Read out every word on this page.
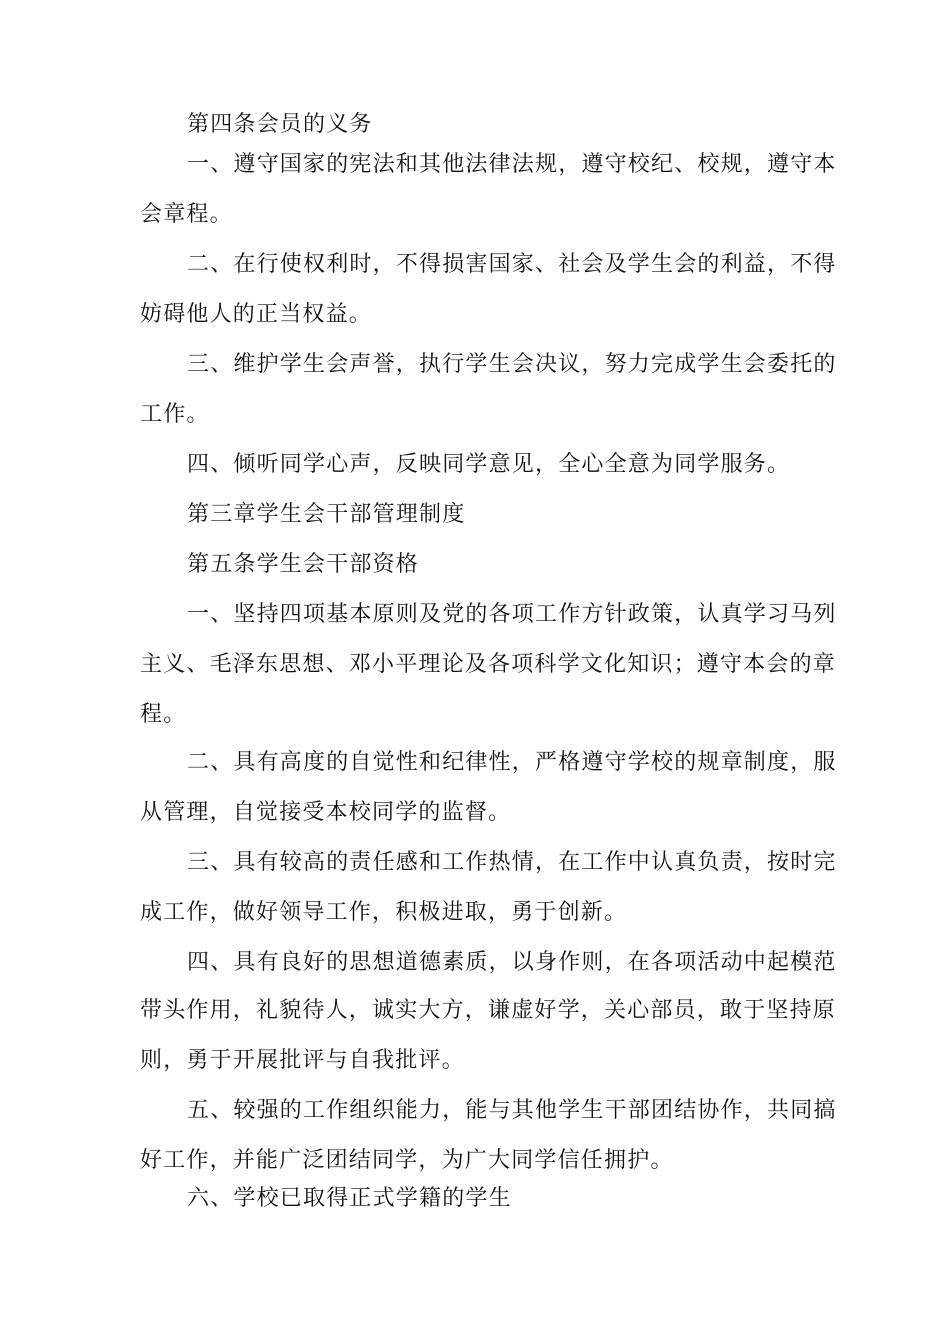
第四条会员的义务
一、遵守国家的宪法和其他法律法规，遵守校纪、校规，遵守本
会章程。
二、在行使权利时，不得损害国家、社会及学生会的利益，不得
妨碍他人的正当权益。
三、维护学生会声誉，执行学生会决议，努力完成学生会委托的
工作。
四、倾听同学心声，反映同学意见，全心全意为同学服务。
第三章学生会干部管理制度
第五条学生会干部资格
一、坚持四项基本原则及党的各项工作方针政策，认真学习马列
主义、毛泽东思想、邓小平理论及各项科学文化知识；遵守本会的章
程。
二、具有高度的自觉性和纪律性，严格遵守学校的规章制度，服
从管理，自觉接受本校同学的监督。
三、具有较高的责任感和工作热情，在工作中认真负责，按时完
成工作，做好领导工作，积极进取，勇于创新。
四、具有良好的思想道德素质，以身作则，在各项活动中起模范
带头作用，礼貌待人，诚实大方，谦虚好学，关心部员，敢于坚持原
则，勇于开展批评与自我批评。
五、较强的工作组织能力，能与其他学生干部团结协作，共同搞
好工作，并能广泛团结同学，为广大同学信任拥护。
六、学校已取得正式学籍的学生
